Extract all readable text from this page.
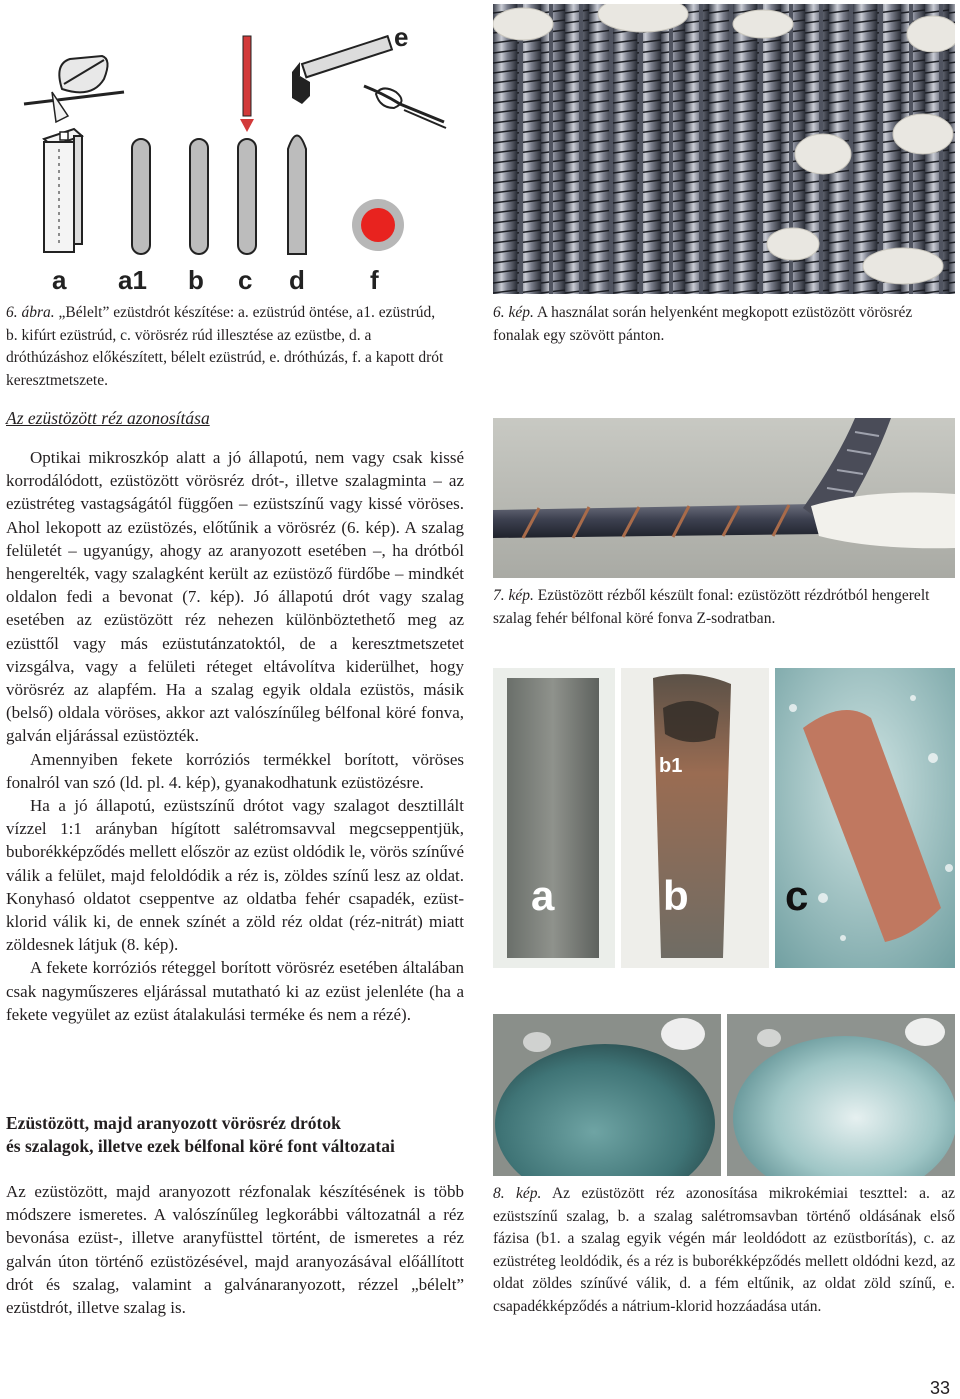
e
a a1 b c d	f
6. ábra. „Bélelt” ezüstdrót készítése: a. ezüstrúd öntése, a1. ezüstrúd, b. kifúrt ezüstrúd, c. vörösréz rúd illesztése az ezüstbe, d. a dróthúzáshoz előkészített, bélelt ezüstrúd, e. dróthúzás, f. a kapott drót keresztmetszete.
6. kép. A használat során helyenként megkopott ezüstözött vörösréz fonalak egy szövött pánton.
Az ezüstözött réz azonosítása

Optikai mikroszkóp alatt a jó állapotú, nem vagy csak kissé korrodálódott, ezüstözött vörösréz drót-, illetve szalagminta – az ezüstréteg vastagságától függően – ezüstszínű vagy kissé vöröses. Ahol lekopott az ezüstözés, előtűnik a vörösréz (6. kép). A szalag felületét – ugyanúgy, ahogy az aranyozott esetében –, ha drótból hengerelték, vagy szalagként került az ezüstöző fürdőbe – mindkét oldalon fedi a bevonat (7. kép). Jó állapotú drót vagy szalag esetében az ezüstözött réz nehezen különböztethető meg az ezüsttől vagy más ezüstutánzatoktól, de a keresztmetszetet vizsgálva, vagy a felületi réteget eltávolítva kiderülhet, hogy vörösréz az alapfém. Ha a szalag egyik oldala ezüstös, másik (belső) oldala vöröses, akkor azt valószínűleg bélfonal köré fonva, galván eljárással ezüstözték.

Amennyiben fekete korróziós termékkel borított, vöröses fonalról van szó (ld. pl. 4. kép), gyanakodhatunk ezüstözésre.

Ha a jó állapotú, ezüstszínű drótot vagy szalagot desztillált vízzel 1:1 arányban hígított salétromsavval megcseppentjük, buborékképződés mellett először az ezüst oldódik le, vörös színűvé válik a felület, majd feloldódik a réz is, zöldes színű lesz az oldat. Konyhasó oldatot cseppentve az oldatba fehér csapadék, ezüst-klorid válik ki, de ennek színét a zöld réz oldat (réz-nitrát) miatt zöldesnek látjuk (8. kép).

A fekete korróziós réteggel borított vörösréz esetében általában csak nagyműszeres eljárással mutatható ki az ezüst jelenléte (ha a fekete vegyület az ezüst átalakulási terméke és nem a rézé).

7. kép. Ezüstözött rézből készült fonal: ezüstözött rézdrótból hengerelt szalag fehér bélfonal köré fonva Z-sodratban.
a	b
b1
c
8. kép. Az ezüstözött réz azonosítása mikrokémiai teszttel: a. az ezüstszínű szalag, b. a szalag salétromsavban történő oldásának első fázisa (b1. a szalag egyik végén már leoldódott az ezüstborítás), c. az ezüstréteg leoldódik, és a réz is buborékképződés mellett oldódni kezd, az oldat zöldes színűvé válik, d. a fém eltűnik, az oldat zöld színű, e. csapadékképződés a nátrium-klorid hozzáadása után.
Ezüstözött, majd aranyozott vörösréz drótok
és szalagok, illetve ezek bélfonal köré font változatai

Az ezüstözött, majd aranyozott rézfonalak készítésének is több módszere ismeretes. A valószínűleg legkorábbi változatnál a réz bevonása ezüst-, illetve aranyfüsttel történt, de ismeretes a réz galván úton történő ezüstözésével, majd aranyozásával előállított drót és szalag, valamint a galvánaranyozott, rézzel „bélelt” ezüstdrót, illetve szalag is.

33
